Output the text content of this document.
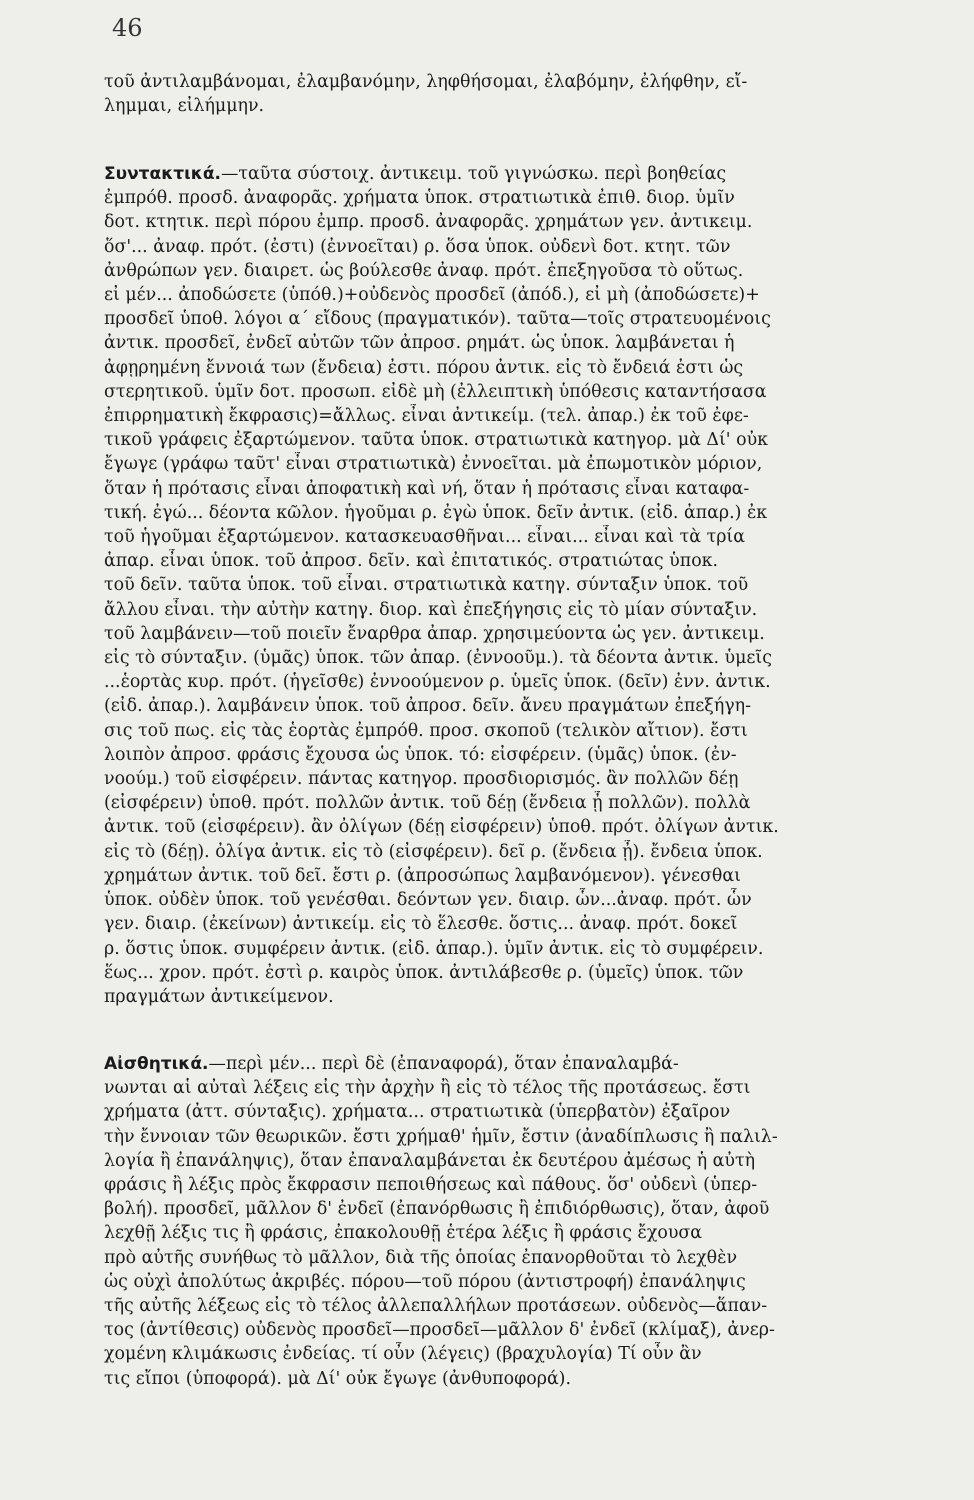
46
τοῦ ἀντιλαμβάνομαι, ἐλαμβανόμην, ληφθήσομαι, ἐλαβόμην, ἐλήφθην, εἴ-
λημμαι, εἰλήμμην.
Συντακτικά.—ταῦτα σύστοιχ. ἀντικειμ. τοῦ γιγνώσκω. περὶ βοηθείας
ἐμπρόθ. προσδ. ἀναφορᾶς. χρήματα ὑποκ. στρατιωτικὰ ἐπιθ. διορ. ὑμῖν
δοτ. κτητικ. περὶ πόρου ἐμπρ. προσδ. ἀναφορᾶς. χρημάτων γεν. ἀντικειμ.
ὅσ'... ἀναφ. πρότ. (ἐστι) (ἐννοεῖται) ρ. ὅσα ὑποκ. οὐδενὶ δοτ. κτητ. τῶν
ἀνθρώπων γεν. διαιρετ. ὡς βούλεσθε ἀναφ. πρότ. ἐπεξηγοῦσα τὸ οὕτως.
εἰ μέν... ἀποδώσετε (ὑπόθ.)+οὐδενὸς προσδεῖ (ἀπόδ.), εἰ μὴ (ἀποδώσετε)+
προσδεῖ ὑποθ. λόγοι α΄ εἴδους (πραγματικόν). ταῦτα—τοῖς στρατευομένοις
ἀντικ. προσδεῖ, ἐνδεῖ αὐτῶν τῶν ἀπροσ. ρημάτ. ὡς ὑποκ. λαμβάνεται ἡ
ἀφῃρημένη ἔννοιά των (ἔνδεια) ἐστι. πόρου ἀντικ. εἰς τὸ ἔνδειά ἐστι ὡς
στερητικοῦ. ὑμῖν δοτ. προσωπ. εἰδὲ μὴ (ἐλλειπτικὴ ὑπόθεσις καταντήσασα
ἐπιρρηματικὴ ἔκφρασις)=ἄλλως. εἶναι ἀντικείμ. (τελ. ἀπαρ.) ἐκ τοῦ ἐφε-
τικοῦ γράφεις ἐξαρτώμενον. ταῦτα ὑποκ. στρατιωτικὰ κατηγορ. μὰ Δί' οὐκ
ἔγωγε (γράφω ταῦτ' εἶναι στρατιωτικὰ) ἐννοεῖται. μὰ ἐπωμοτικὸν μόριον,
ὅταν ἡ πρότασις εἶναι ἀποφατικὴ καὶ νή, ὅταν ἡ πρότασις εἶναι καταφα-
τική. ἐγώ... δέοντα κῶλον. ἡγοῦμαι ρ. ἐγὼ ὑποκ. δεῖν ἀντικ. (εἰδ. ἀπαρ.) ἐκ
τοῦ ἡγοῦμαι ἐξαρτώμενον. κατασκευασθῆναι... εἶναι... εἶναι καὶ τὰ τρία
ἀπαρ. εἶναι ὑποκ. τοῦ ἀπροσ. δεῖν. καὶ ἐπιτατικός. στρατιώτας ὑποκ.
τοῦ δεῖν. ταῦτα ὑποκ. τοῦ εἶναι. στρατιωτικὰ κατηγ. σύνταξιν ὑποκ. τοῦ
ἄλλου εἶναι. τὴν αὐτὴν κατηγ. διορ. καὶ ἐπεξήγησις εἰς τὸ μίαν σύνταξιν.
τοῦ λαμβάνειν—τοῦ ποιεῖν ἔναρθρα ἀπαρ. χρησιμεύοντα ὡς γεν. ἀντικειμ.
εἰς τὸ σύνταξιν. (ὑμᾶς) ὑποκ. τῶν ἀπαρ. (ἐννοοῦμ.). τὰ δέοντα ἀντικ. ὑμεῖς
...ἑορτὰς κυρ. πρότ. (ἡγεῖσθε) ἐννοούμενον ρ. ὑμεῖς ὑποκ. (δεῖν) ἐνν. ἀντικ.
(εἰδ. ἀπαρ.). λαμβάνειν ὑποκ. τοῦ ἀπροσ. δεῖν. ἄνευ πραγμάτων ἐπεξήγη-
σις τοῦ πως. εἰς τὰς ἑορτὰς ἐμπρόθ. προσ. σκοποῦ (τελικὸν αἴτιον). ἔστι
λοιπὸν ἀπροσ. φράσις ἔχουσα ὡς ὑποκ. τό: εἰσφέρειν. (ὑμᾶς) ὑποκ. (ἐν-
νοούμ.) τοῦ εἰσφέρειν. πάντας κατηγορ. προσδιορισμός. ἂν πολλῶν δέῃ
(εἰσφέρειν) ὑποθ. πρότ. πολλῶν ἀντικ. τοῦ δέῃ (ἔνδεια ᾖ πολλῶν). πολλὰ
ἀντικ. τοῦ (εἰσφέρειν). ἂν ὀλίγων (δέῃ εἰσφέρειν) ὑποθ. πρότ. ὀλίγων ἀντικ.
εἰς τὸ (δέῃ). ὀλίγα ἀντικ. εἰς τὸ (εἰσφέρειν). δεῖ ρ. (ἔνδεια ᾖ). ἔνδεια ὑποκ.
χρημάτων ἀντικ. τοῦ δεῖ. ἔστι ρ. (ἀπροσώπως λαμβανόμενον). γένεσθαι
ὑποκ. οὐδὲν ὑποκ. τοῦ γενέσθαι. δεόντων γεν. διαιρ. ὧν...ἀναφ. πρότ. ὧν
γεν. διαιρ. (ἐκείνων) ἀντικείμ. εἰς τὸ ἕλεσθε. ὅστις... ἀναφ. πρότ. δοκεῖ
ρ. ὅστις ὑποκ. συμφέρειν ἀντικ. (εἰδ. ἀπαρ.). ὑμῖν ἀντικ. εἰς τὸ συμφέρειν.
ἕως... χρον. πρότ. ἐστὶ ρ. καιρὸς ὑποκ. ἀντιλάβεσθε ρ. (ὑμεῖς) ὑποκ. τῶν
πραγμάτων ἀντικείμενον.
Αἰσθητικά.—περὶ μέν... περὶ δὲ (ἐπαναφορά), ὅταν ἐπαναλαμβά-
νωνται αἱ αὐταὶ λέξεις εἰς τὴν ἀρχὴν ἢ εἰς τὸ τέλος τῆς προτάσεως. ἔστι
χρήματα (ἀττ. σύνταξις). χρήματα... στρατιωτικὰ (ὑπερβατὸν) ἐξαῖρον
τὴν ἔννοιαν τῶν θεωρικῶν. ἔστι χρήμαθ' ἡμῖν, ἔστιν (ἀναδίπλωσις ἢ παλιλ-
λογία ἢ ἐπανάληψις), ὅταν ἐπαναλαμβάνεται ἐκ δευτέρου ἀμέσως ἡ αὐτὴ
φράσις ἢ λέξις πρὸς ἔκφρασιν πεποιθήσεως καὶ πάθους. ὅσ' οὐδενὶ (ὑπερ-
βολή). προσδεῖ, μᾶλλον δ' ἐνδεῖ (ἐπανόρθωσις ἢ ἐπιδιόρθωσις), ὅταν, ἀφοῦ
λεχθῇ λέξις τις ἢ φράσις, ἐπακολουθῇ ἑτέρα λέξις ἢ φράσις ἔχουσα
πρὸ αὐτῆς συνήθως τὸ μᾶλλον, διὰ τῆς ὁποίας ἐπανορθοῦται τὸ λεχθὲν
ὡς οὐχὶ ἀπολύτως ἀκριβές. πόρου—τοῦ πόρου (ἀντιστροφή) ἐπανάληψις
τῆς αὐτῆς λέξεως εἰς τὸ τέλος ἀλλεπαλλήλων προτάσεων. οὐδενὸς—ἅπαν-
τος (ἀντίθεσις) οὐδενὸς προσδεῖ—προσδεῖ—μᾶλλον δ' ἐνδεῖ (κλίμαξ), ἀνερ-
χομένη κλιμάκωσις ἐνδείας. τί οὖν (λέγεις) (βραχυλογία) Τί οὖν ἂν
τις εἴποι (ὑποφορά). μὰ Δί' οὐκ ἔγωγε (ἀνθυποφορά).
